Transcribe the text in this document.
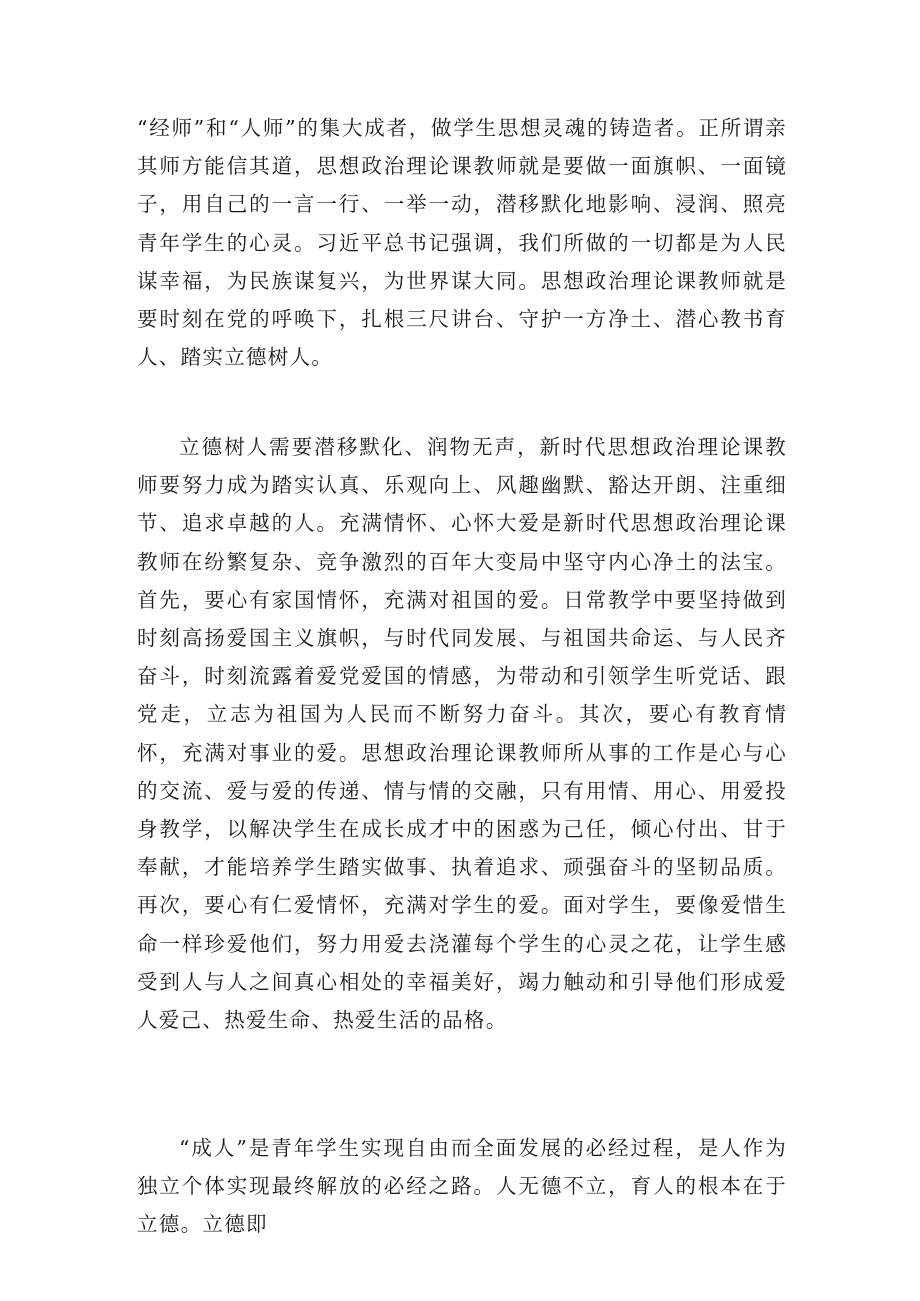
“经师”和“人师”的集大成者，做学生思想灵魂的铸造者。正所谓亲其师方能信其道，思想政治理论课教师就是要做一面旗帜、一面镜子，用自己的一言一行、一举一动，潜移默化地影响、浸润、照亮青年学生的心灵。习近平总书记强调，我们所做的一切都是为人民谋幸福，为民族谋复兴，为世界谋大同。思想政治理论课教师就是要时刻在党的呼唤下，扎根三尺讲台、守护一方净土、潜心教书育人、踏实立德树人。

立德树人需要潜移默化、润物无声，新时代思想政治理论课教师要努力成为踏实认真、乐观向上、风趣幽默、豁达开朗、注重细节、追求卓越的人。充满情怀、心怀大爱是新时代思想政治理论课教师在纷繁复杂、竞争激烈的百年大变局中坚守内心净土的法宝。首先，要心有家国情怀，充满对祖国的爱。日常教学中要坚持做到时刻高扬爱国主义旗帜，与时代同发展、与祖国共命运、与人民齐奋斗，时刻流露着爱党爱国的情感，为带动和引领学生听党话、跟党走，立志为祖国为人民而不断努力奋斗。其次，要心有教育情怀，充满对事业的爱。思想政治理论课教师所从事的工作是心与心的交流、爱与爱的传递、情与情的交融，只有用情、用心、用爱投身教学，以解决学生在成长成才中的困惑为己任，倾心付出、甘于奉献，才能培养学生踏实做事、执着追求、顽强奋斗的坚韧品质。再次，要心有仁爱情怀，充满对学生的爱。面对学生，要像爱惜生命一样珍爱他们，努力用爱去浇灌每个学生的心灵之花，让学生感受到人与人之间真心相处的幸福美好，竭力触动和引导他们形成爱人爱己、热爱生命、热爱生活的品格。

“成人”是青年学生实现自由而全面发展的必经过程，是人作为独立个体实现最终解放的必经之路。人无德不立，育人的根本在于立德。立德即
